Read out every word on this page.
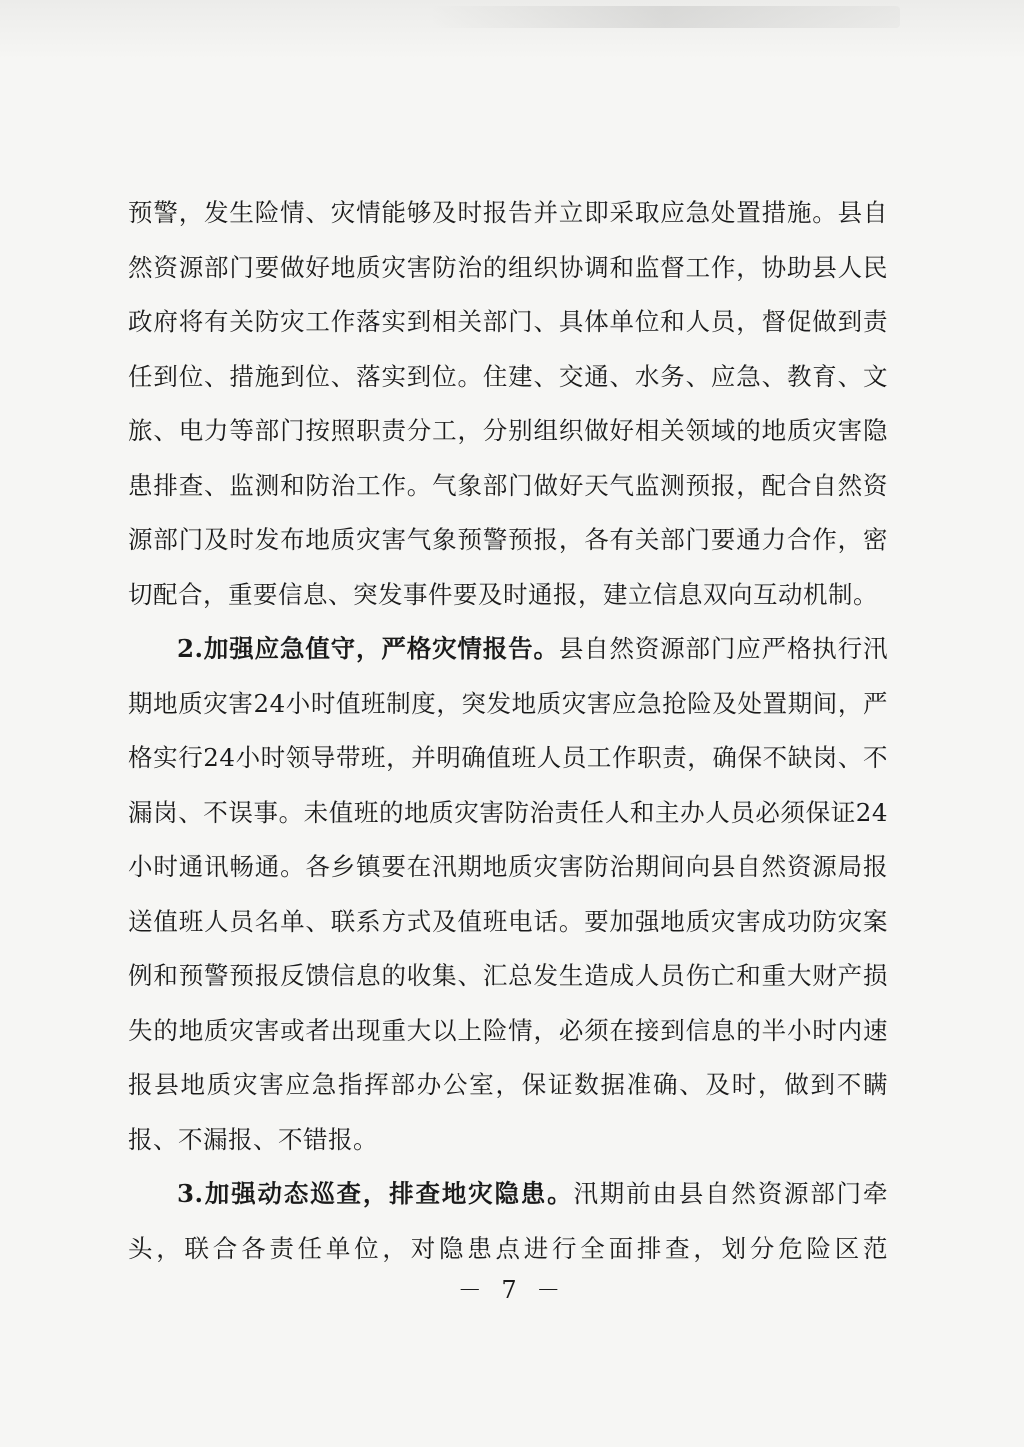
预警，发生险情、灾情能够及时报告并立即采取应急处置措施。县自然资源部门要做好地质灾害防治的组织协调和监督工作，协助县人民政府将有关防灾工作落实到相关部门、具体单位和人员，督促做到责任到位、措施到位、落实到位。住建、交通、水务、应急、教育、文旅、电力等部门按照职责分工，分别组织做好相关领域的地质灾害隐患排查、监测和防治工作。气象部门做好天气监测预报，配合自然资源部门及时发布地质灾害气象预警预报，各有关部门要通力合作，密切配合，重要信息、突发事件要及时通报，建立信息双向互动机制。

2.加强应急值守，严格灾情报告。县自然资源部门应严格执行汛期地质灾害24小时值班制度，突发地质灾害应急抢险及处置期间，严格实行24小时领导带班，并明确值班人员工作职责，确保不缺岗、不漏岗、不误事。未值班的地质灾害防治责任人和主办人员必须保证24小时通讯畅通。各乡镇要在汛期地质灾害防治期间向县自然资源局报送值班人员名单、联系方式及值班电话。要加强地质灾害成功防灾案例和预警预报反馈信息的收集、汇总发生造成人员伤亡和重大财产损失的地质灾害或者出现重大以上险情，必须在接到信息的半小时内速报县地质灾害应急指挥部办公室，保证数据准确、及时，做到不瞒报、不漏报、不错报。

3.加强动态巡查，排查地灾隐患。汛期前由县自然资源部门牵头，联合各责任单位，对隐患点进行全面排查，划分危险区范

－ 7 －
